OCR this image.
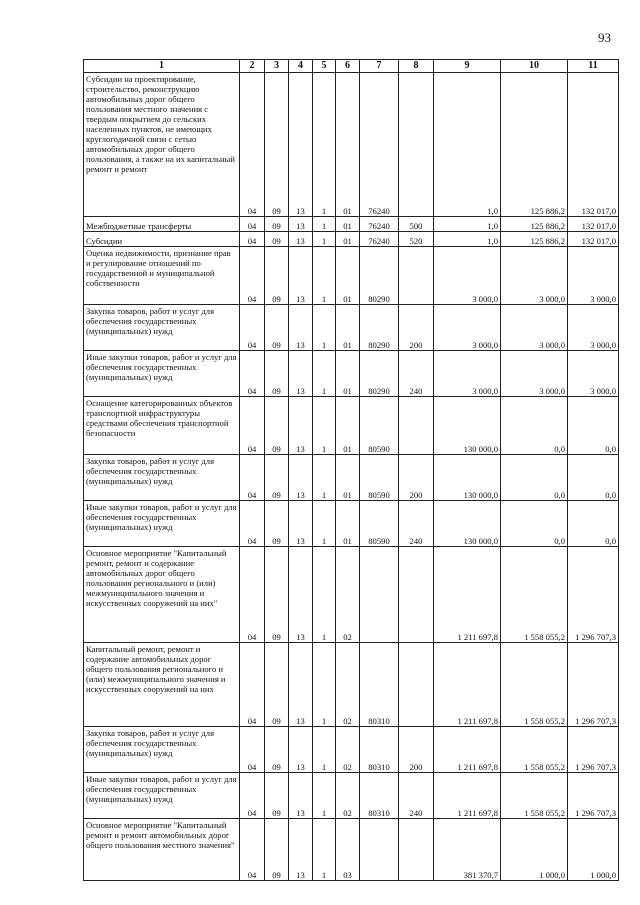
93
1	2	3	4	5	6	7	8	9	10	11
Субсидии на проектирование, строительство, реконструкцию автомобильных дорог общего пользования местного значения с твердым покрытием до сельских населенных пунктов, не имеющих круглогодичной связи с сетью автомобильных дорог общего пользования, а также на их капитальный ремонт и ремонт	04	09	13	1	01	76240		1,0	125 886,2	132 017,0
Межбюджетные трансферты	04	09	13	1	01	76240	500	1,0	125 886,2	132 017,0
Субсидии	04	09	13	1	01	76240	520	1,0	125 886,2	132 017,0
Оценка недвижимости, признание прав и регулирование отношений по государственной и муниципальной собственности	04	09	13	1	01	80290		3 000,0	3 000,0	3 000,0
Закупка товаров, работ и услуг для обеспечения государственных (муниципальных) нужд	04	09	13	1	01	80290	200	3 000,0	3 000,0	3 000,0
Иные закупки товаров, работ и услуг для обеспечения государственных (муниципальных) нужд	04	09	13	1	01	80290	240	3 000,0	3 000,0	3 000,0
Оснащение категорированных объектов транспортной инфраструктуры средствами обеспечения транспортной безопасности	04	09	13	1	01	80590		130 000,0	0,0	0,0
Закупка товаров, работ и услуг для обеспечения государственных (муниципальных) нужд	04	09	13	1	01	80590	200	130 000,0	0,0	0,0
Иные закупки товаров, работ и услуг для обеспечения государственных (муниципальных) нужд	04	09	13	1	01	80590	240	130 000,0	0,0	0,0
Основное мероприятие "Капитальный ремонт, ремонт и содержание автомобильных дорог общего пользования регионального и (или) межмуниципального значения и искусственных сооружений на них"	04	09	13	1	02			1 211 697,8	1 558 055,2	1 296 707,3
Капитальный ремонт, ремонт и содержание автомобильных дорог общего пользования регионального и (или) межмуниципального значения и искусственных сооружений на них	04	09	13	1	02	80310		1 211 697,8	1 558 055,2	1 296 707,3
Закупка товаров, работ и услуг для обеспечения государственных (муниципальных) нужд	04	09	13	1	02	80310	200	1 211 697,8	1 558 055,2	1 296 707,3
Иные закупки товаров, работ и услуг для обеспечения государственных (муниципальных) нужд	04	09	13	1	02	80310	240	1 211 697,8	1 558 055,2	1 296 707,3
Основное мероприятие "Капитальный ремонт и ремонт автомобильных дорог общего пользования местного значения"	04	09	13	1	03			381 370,7	1 000,0	1 000,0
